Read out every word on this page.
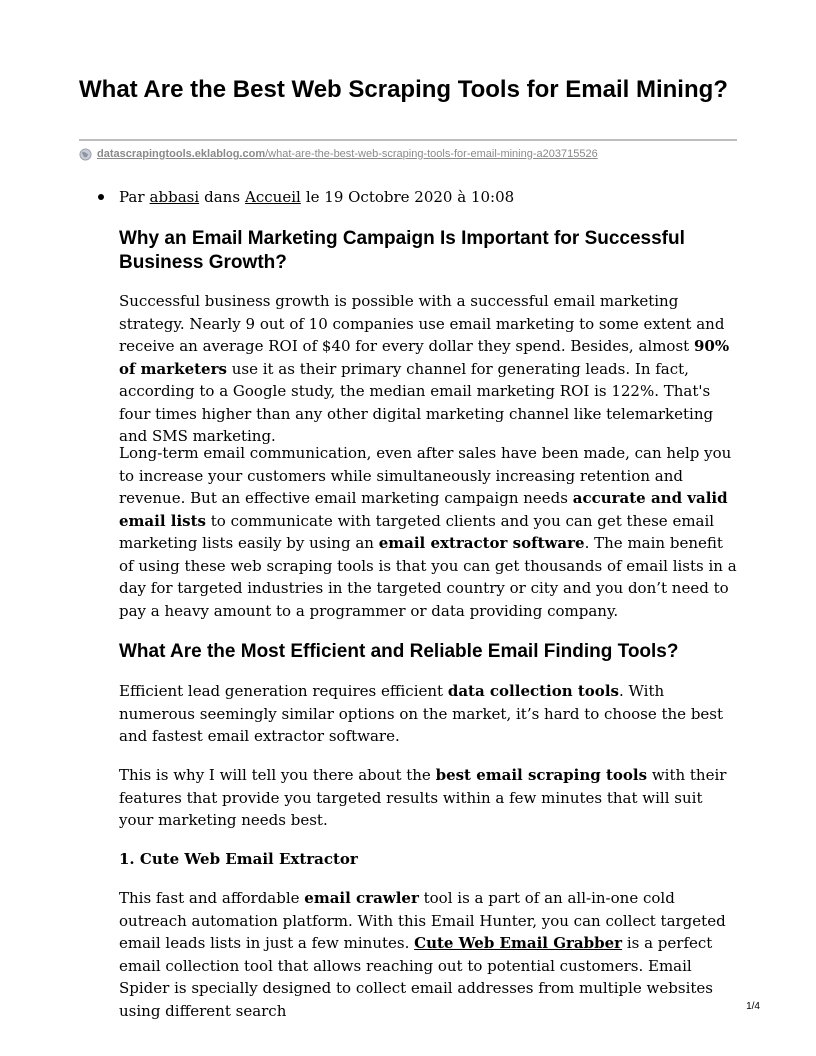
What Are the Best Web Scraping Tools for Email Mining?
datascrapingtools.eklablog.com /what-are-the-best-web-scraping-tools-for-email-mining-a203715526
Par abbasi dans Accueil le 19 Octobre 2020 à 10:08
Why an Email Marketing Campaign Is Important for Successful Business Growth?

Successful business growth is possible with a successful email marketing strategy. Nearly 9 out of 10 companies use email marketing to some extent and receive an average ROI of $40 for every dollar they spend. Besides, almost 90% of marketers use it as their primary channel for generating leads. In fact, according to a Google study, the median email marketing ROI is 122%. That's four times higher than any other digital marketing channel like telemarketing and SMS marketing.

Long-term email communication, even after sales have been made, can help you to increase your customers while simultaneously increasing retention and revenue. But an effective email marketing campaign needs accurate and valid email lists to communicate with targeted clients and you can get these email marketing lists easily by using an email extractor software. The main benefit of using these web scraping tools is that you can get thousands of email lists in a day for targeted industries in the targeted country or city and you don’t need to pay a heavy amount to a programmer or data providing company.

What Are the Most Efficient and Reliable Email Finding Tools?

Efficient lead generation requires efficient data collection tools. With numerous seemingly similar options on the market, it’s hard to choose the best and fastest email extractor software.

This is why I will tell you there about the best email scraping tools with their features that provide you targeted results within a few minutes that will suit your marketing needs best.

1. Cute Web Email Extractor

This fast and affordable email crawler tool is a part of an all-in-one cold outreach automation platform. With this Email Hunter, you can collect targeted email leads lists in just a few minutes. Cute Web Email Grabber is a perfect email collection tool that allows reaching out to potential customers. Email Spider is specially designed to collect email addresses from multiple websites using different search	1/4
